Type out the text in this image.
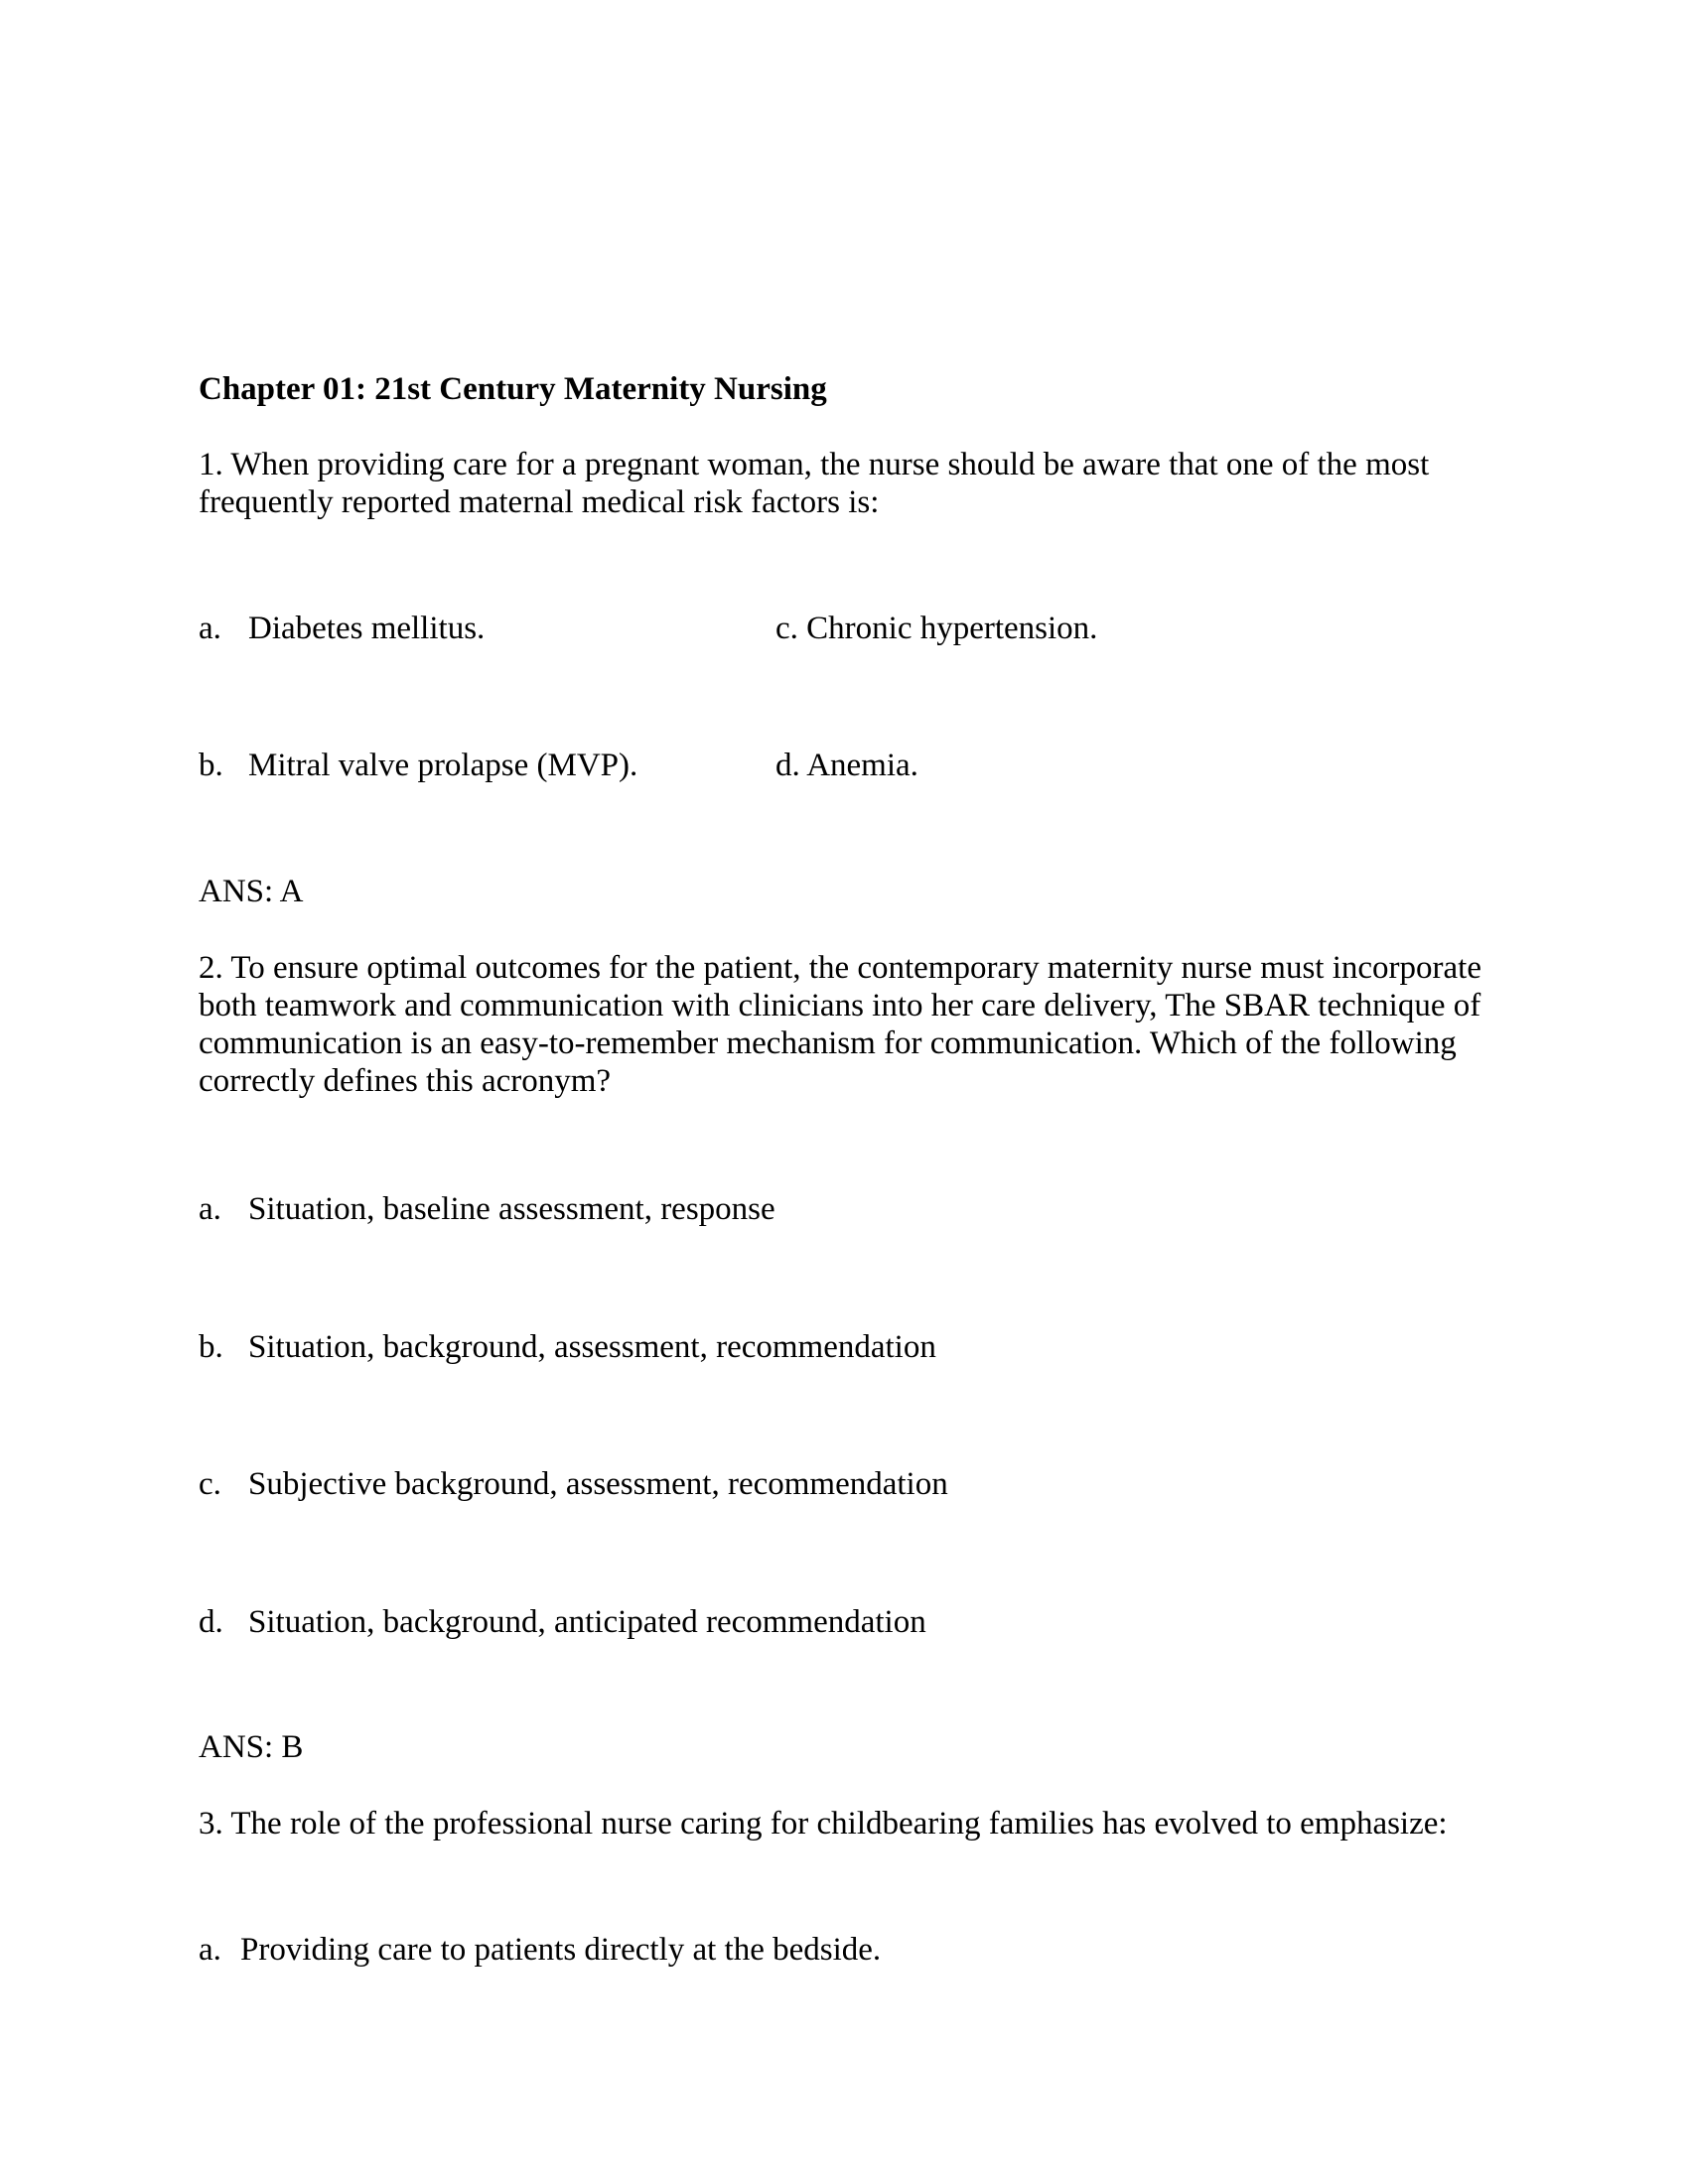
Chapter 01: 21st Century Maternity Nursing
1. When providing care for a pregnant woman, the nurse should be aware that one of the most frequently reported maternal medical risk factors is:
a. Diabetes mellitus.	c. Chronic hypertension.
b. Mitral valve prolapse (MVP).	d. Anemia.
ANS: A
2. To ensure optimal outcomes for the patient, the contemporary maternity nurse must incorporate both teamwork and communication with clinicians into her care delivery, The SBAR technique of communication is an easy-to-remember mechanism for communication. Which of the following correctly defines this acronym?
a. Situation, baseline assessment, response
b. Situation, background, assessment, recommendation
c. Subjective background, assessment, recommendation
d. Situation, background, anticipated recommendation
ANS: B
3. The role of the professional nurse caring for childbearing families has evolved to emphasize:
a. Providing care to patients directly at the bedside.
